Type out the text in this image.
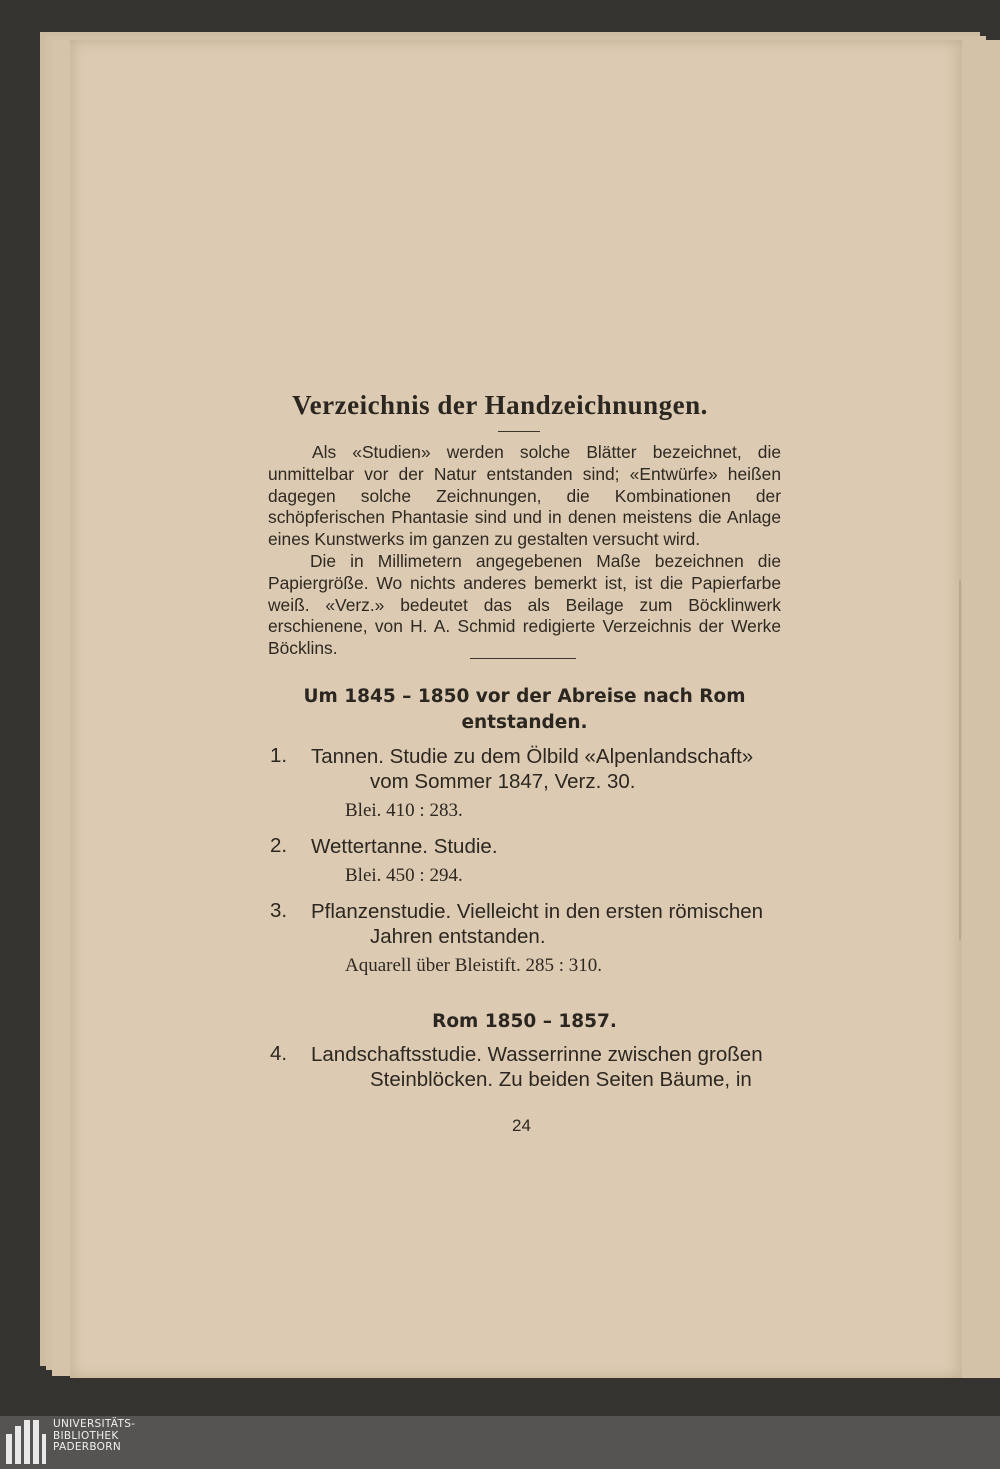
Verzeichnis der Handzeichnungen.

Als «Studien» werden solche Blätter bezeichnet, die unmittelbar vor der Natur entstanden sind; «Entwürfe» heißen dagegen solche Zeichnungen, die Kombinationen der schöpferischen Phantasie sind und in denen meistens die Anlage eines Kunstwerks im ganzen zu gestalten versucht wird.

Die in Millimetern angegebenen Maße bezeichnen die Papiergröße. Wo nichts anderes bemerkt ist, ist die Papierfarbe weiß. «Verz.» bedeutet das als Beilage zum Böcklinwerk erschienene, von H. A. Schmid redigierte Verzeichnis der Werke Böcklins.

Um 1845 – 1850 vor der Abreise nach Rom entstanden.
1. Tannen. Studie zu dem Ölbild «Alpenlandschaft»
vom Sommer 1847, Verz. 30.
Blei. 410 : 283.
2. Wettertanne. Studie.
Blei. 450 : 294.
3. Pflanzenstudie. Vielleicht in den ersten römischen
Jahren entstanden.
Aquarell über Bleistift. 285 : 310.
Rom 1850 – 1857.
4. Landschaftsstudie. Wasserrinne zwischen großen
Steinblöcken. Zu beiden Seiten Bäume, in
24
UNIVERSITÄTS-
BIBLIOTHEK
PADERBORN
